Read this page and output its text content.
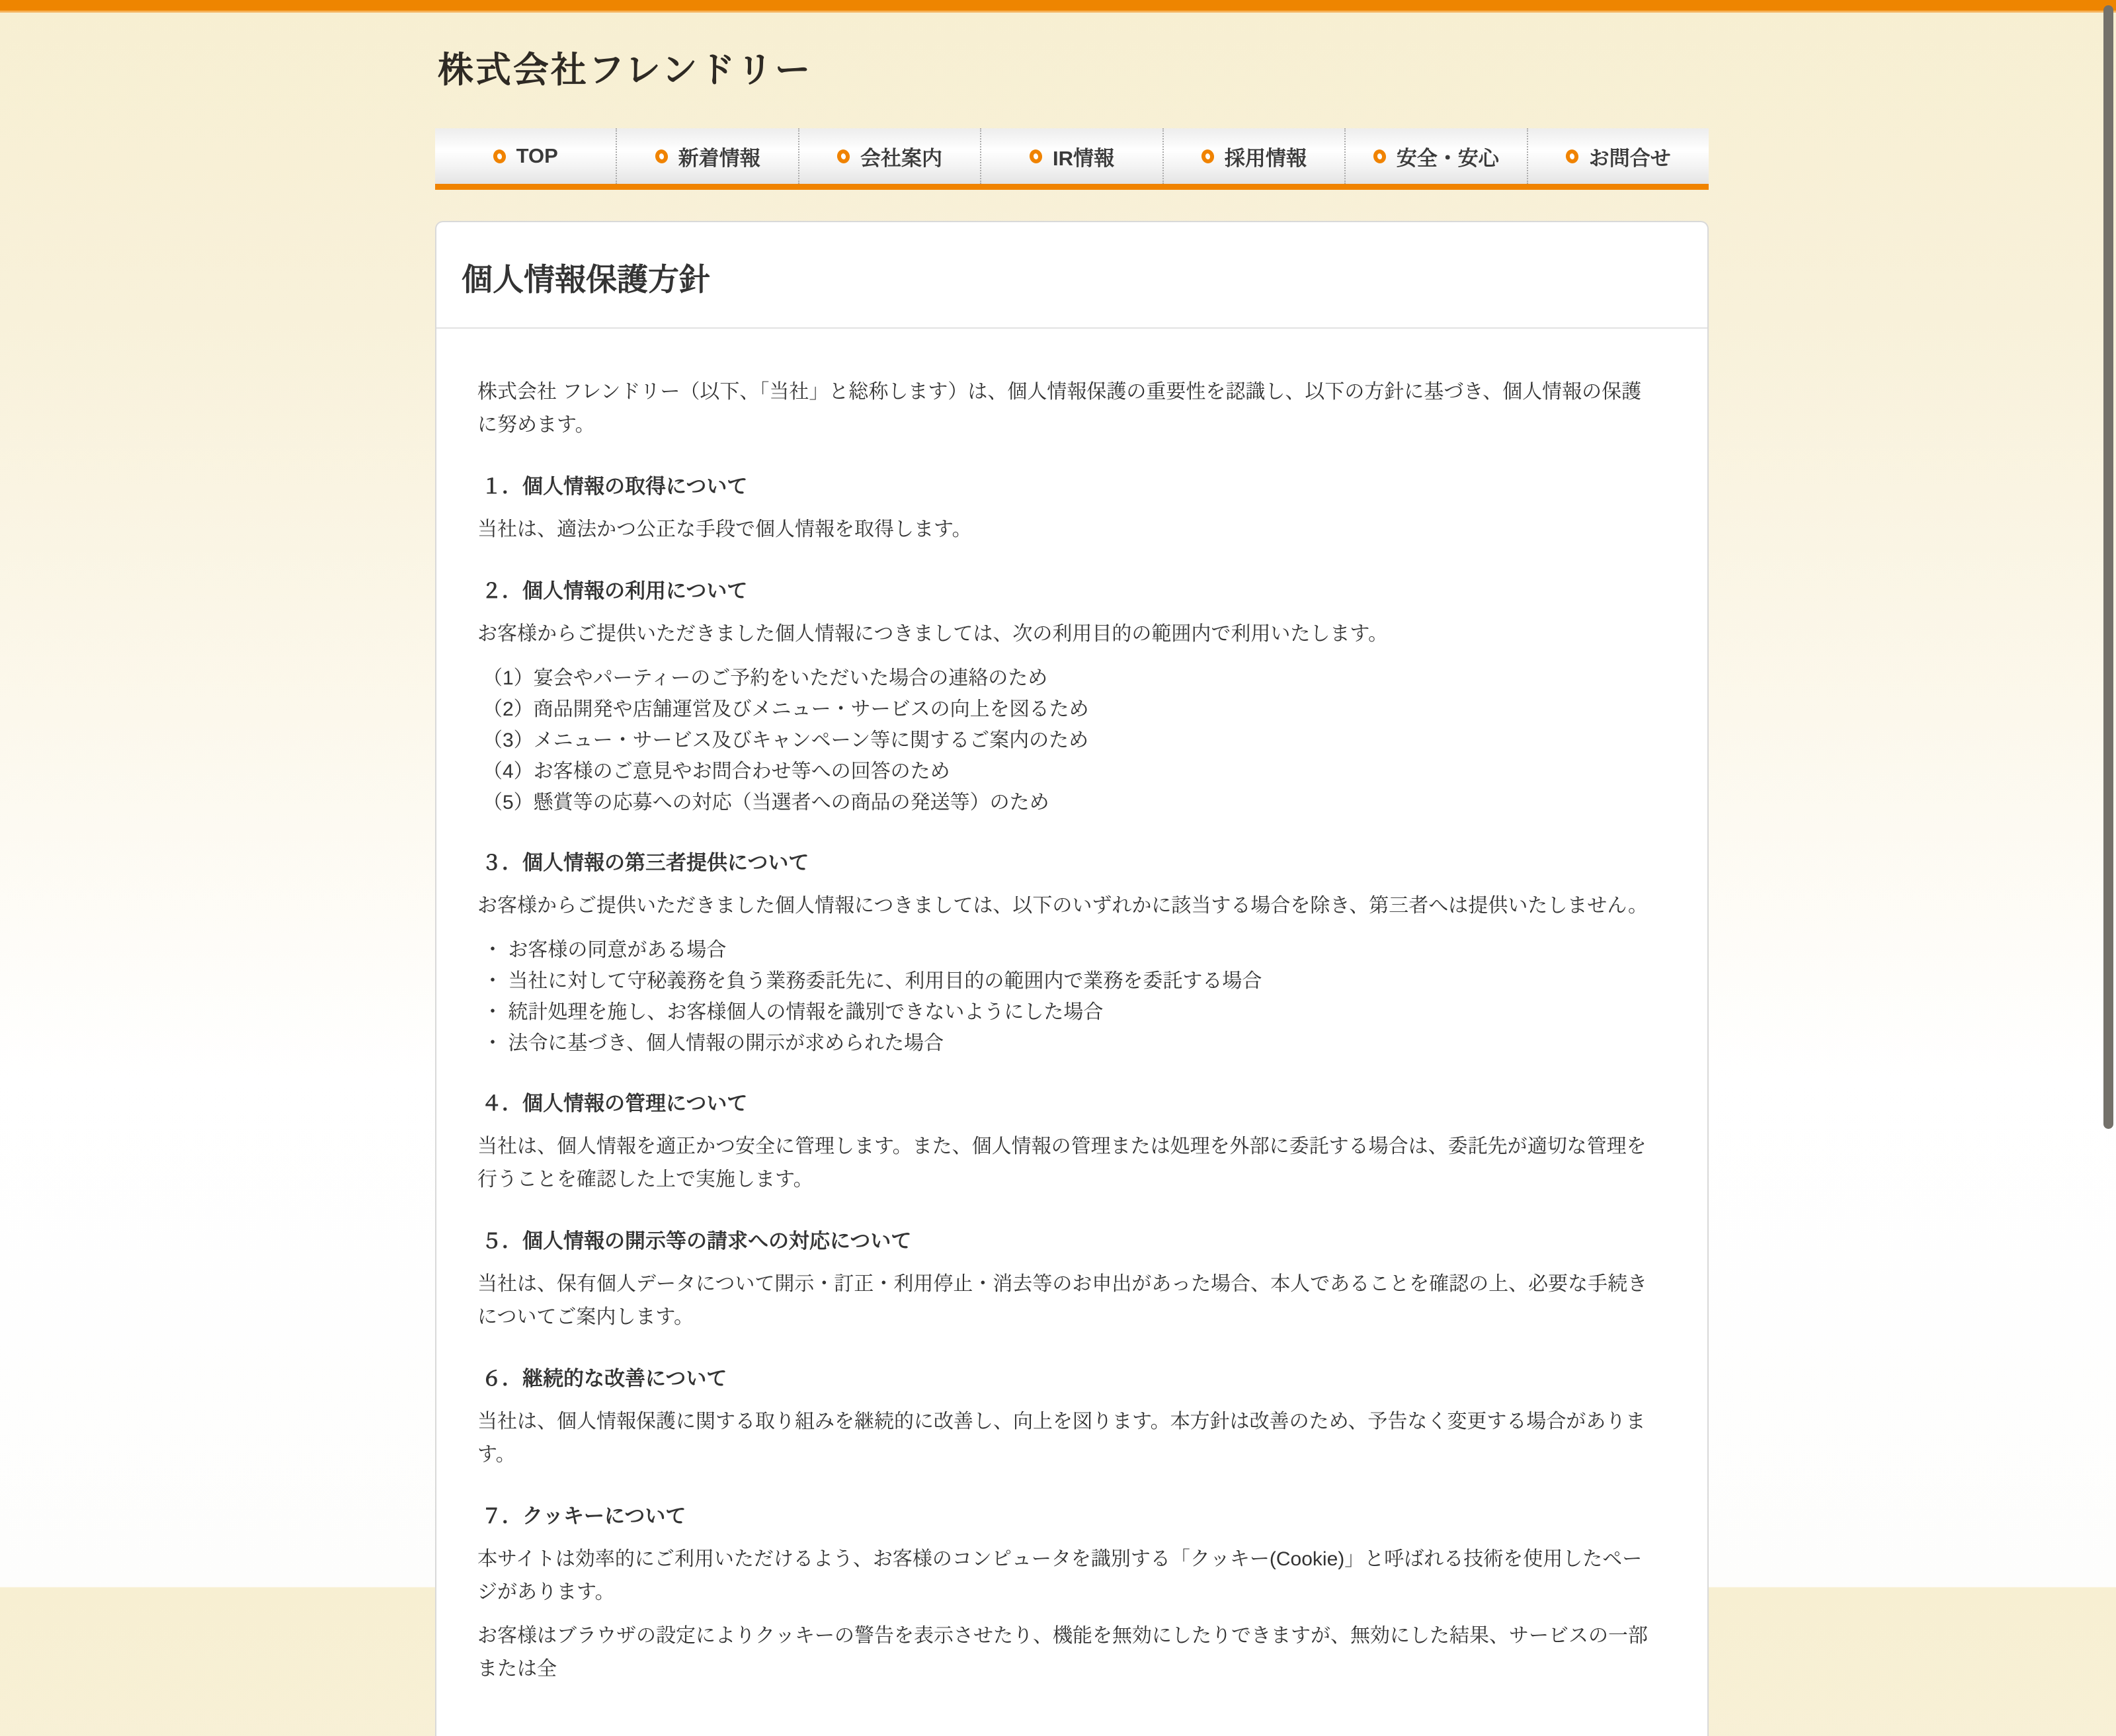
株式会社フレンドリー
TOP	新着情報	会社案内	IR情報	採用情報	安全・安心	お問合せ
個人情報保護方針

株式会社 フレンドリー（以下、「当社」と総称します）は、個人情報保護の重要性を認識し、以下の方針に基づき、個人情報の保護に努めます。

１．個人情報の取得について

当社は、適法かつ公正な手段で個人情報を取得します。

２．個人情報の利用について

お客様からご提供いただきました個人情報につきましては、次の利用目的の範囲内で利用いたします。

（1）宴会やパーティーのご予約をいただいた場合の連絡のため
（2）商品開発や店舗運営及びメニュー・サービスの向上を図るため
（3）メニュー・サービス及びキャンペーン等に関するご案内のため
（4）お客様のご意見やお問合わせ等への回答のため
（5）懸賞等の応募への対応（当選者への商品の発送等）のため
３．個人情報の第三者提供について

お客様からご提供いただきました個人情報につきましては、以下のいずれかに該当する場合を除き、第三者へは提供いたしません。

・ お客様の同意がある場合
・ 当社に対して守秘義務を負う業務委託先に、利用目的の範囲内で業務を委託する場合
・ 統計処理を施し、お客様個人の情報を識別できないようにした場合
・ 法令に基づき、個人情報の開示が求められた場合
４．個人情報の管理について

当社は、個人情報を適正かつ安全に管理します。また、個人情報の管理または処理を外部に委託する場合は、委託先が適切な管理を行うことを確認した上で実施します。

５．個人情報の開示等の請求への対応について

当社は、保有個人データについて開示・訂正・利用停止・消去等のお申出があった場合、本人であることを確認の上、必要な手続きについてご案内します。

６．継続的な改善について

当社は、個人情報保護に関する取り組みを継続的に改善し、向上を図ります。本方針は改善のため、予告なく変更する場合があります。

７．クッキーについて

本サイトは効率的にご利用いただけるよう、お客様のコンピュータを識別する「クッキー(Cookie)」と呼ばれる技術を使用したページがあります。

お客様はブラウザの設定によりクッキーの警告を表示させたり、機能を無効にしたりできますが、無効にした結果、サービスの一部または全
